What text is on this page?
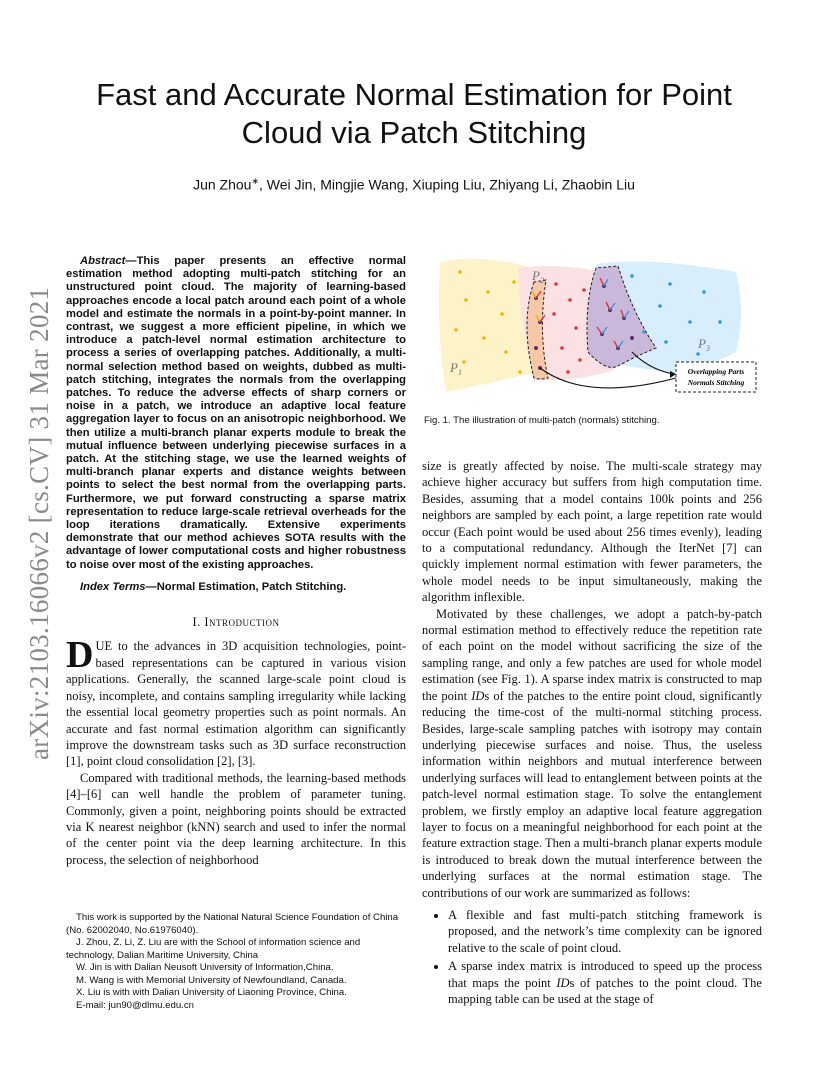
arXiv:2103.16066v2 [cs.CV] 31 Mar 2021
Fast and Accurate Normal Estimation for Point Cloud via Patch Stitching
Jun Zhou∗, Wei Jin, Mingjie Wang, Xiuping Liu, Zhiyang Li, Zhaobin Liu

Abstract—This paper presents an effective normal estimation method adopting multi-patch stitching for an unstructured point cloud. The majority of learning-based approaches encode a local patch around each point of a whole model and estimate the normals in a point-by-point manner. In contrast, we suggest a more efficient pipeline, in which we introduce a patch-level normal estimation architecture to process a series of overlapping patches. Additionally, a multi-normal selection method based on weights, dubbed as multi-patch stitching, integrates the normals from the overlapping patches. To reduce the adverse effects of sharp corners or noise in a patch, we introduce an adaptive local feature aggregation layer to focus on an anisotropic neighborhood. We then utilize a multi-branch planar experts module to break the mutual influence between underlying piecewise surfaces in a patch. At the stitching stage, we use the learned weights of multi-branch planar experts and distance weights between points to select the best normal from the overlapping parts. Furthermore, we put forward constructing a sparse matrix representation to reduce large-scale retrieval overheads for the loop iterations dramatically. Extensive experiments demonstrate that our method achieves SOTA results with the advantage of lower computational costs and higher robustness to noise over most of the existing approaches.

Index Terms—Normal Estimation, Patch Stitching.

I. Introduction

DUE to the advances in 3D acquisition technologies, point-based representations can be captured in various vision applications. Generally, the scanned large-scale point cloud is noisy, incomplete, and contains sampling irregularity while lacking the essential local geometry properties such as point normals. An accurate and fast normal estimation algorithm can significantly improve the downstream tasks such as 3D surface reconstruction [1], point cloud consolidation [2], [3].

Compared with traditional methods, the learning-based methods [4]–[6] can well handle the problem of parameter tuning. Commonly, given a point, neighboring points should be extracted via K nearest neighbor (kNN) search and used to infer the normal of the center point via the deep learning architecture. In this process, the selection of neighborhood

This work is supported by the National Natural Science Foundation of China (No. 62002040, No.61976040).

J. Zhou, Z. Li, Z. Liu are with the School of information science and technology, Dalian Maritime University, China

W. Jin is with Dalian Neusoft University of Information,China.

M. Wang is with Memorial University of Newfoundland, Canada.

X. Liu is with with Dalian University of Liaoning Province, China.

E-mail: jun90@dlmu.edu.cn

Overlapping Parts
Normals Stitching
$P_1$
$P_2$
$P_3$
Fig. 1. The illustration of multi-patch (normals) stitching.

size is greatly affected by noise. The multi-scale strategy may achieve higher accuracy but suffers from high computation time. Besides, assuming that a model contains 100k points and 256 neighbors are sampled by each point, a large repetition rate would occur (Each point would be used about 256 times evenly), leading to a computational redundancy. Although the IterNet [7] can quickly implement normal estimation with fewer parameters, the whole model needs to be input simultaneously, making the algorithm inflexible.

Motivated by these challenges, we adopt a patch-by-patch normal estimation method to effectively reduce the repetition rate of each point on the model without sacrificing the size of the sampling range, and only a few patches are used for whole model estimation (see Fig. 1). A sparse index matrix is constructed to map the point IDs of the patches to the entire point cloud, significantly reducing the time-cost of the multi-normal stitching process. Besides, large-scale sampling patches with isotropy may contain underlying piecewise surfaces and noise. Thus, the useless information within neighbors and mutual interference between underlying surfaces will lead to entanglement between points at the patch-level normal estimation stage. To solve the entanglement problem, we firstly employ an adaptive local feature aggregation layer to focus on a meaningful neighborhood for each point at the feature extraction stage. Then a multi-branch planar experts module is introduced to break down the mutual interference between the underlying surfaces at the normal estimation stage. The contributions of our work are summarized as follows:

• A flexible and fast multi-patch stitching framework is proposed, and the network’s time complexity can be ignored relative to the scale of point cloud.
• A sparse index matrix is introduced to speed up the process that maps the point IDs of patches to the point cloud. The mapping table can be used at the stage of
